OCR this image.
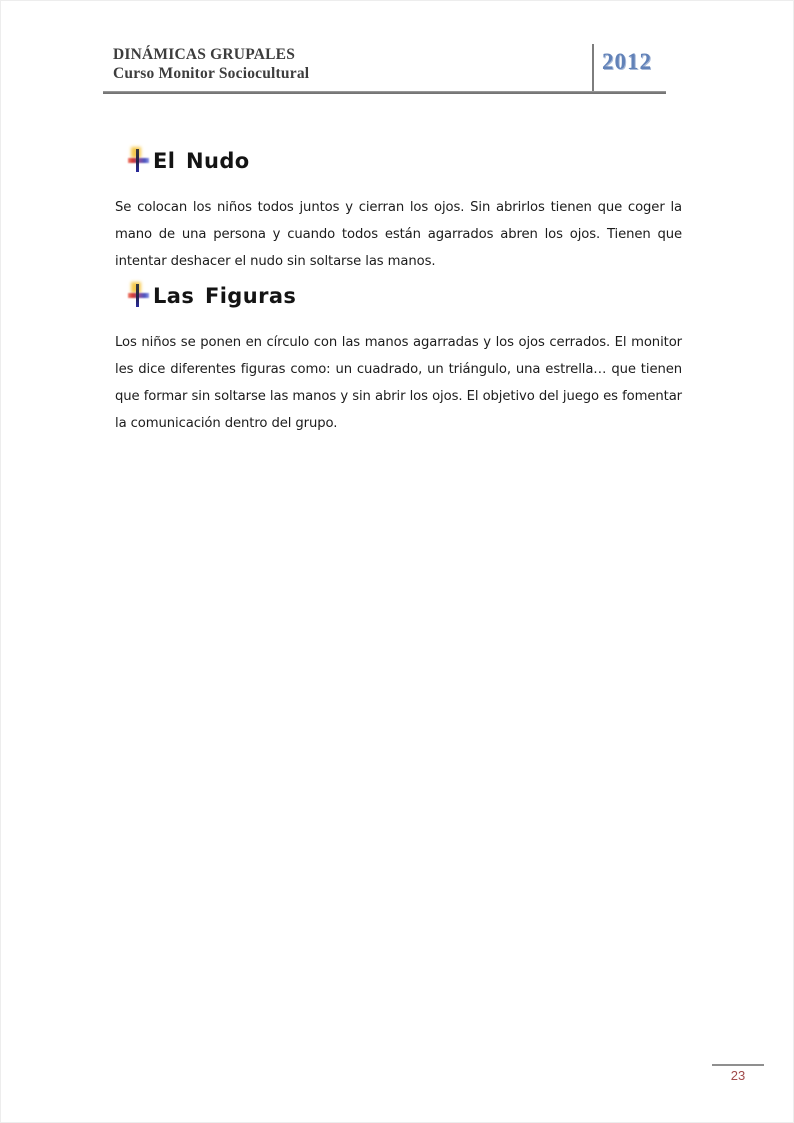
DINÁMICAS GRUPALES
Curso Monitor Sociocultural	2012
El Nudo

Se colocan los niños todos juntos y cierran los ojos. Sin abrirlos tienen que coger la mano de una persona y cuando todos están agarrados abren los ojos. Tienen que intentar deshacer el nudo sin soltarse las manos.

Las Figuras

Los niños se ponen en círculo con las manos agarradas y los ojos cerrados. El monitor les dice diferentes figuras como: un cuadrado, un triángulo, una estrella… que tienen que formar sin soltarse las manos y sin abrir los ojos. El objetivo del juego es fomentar la comunicación dentro del grupo.

23
